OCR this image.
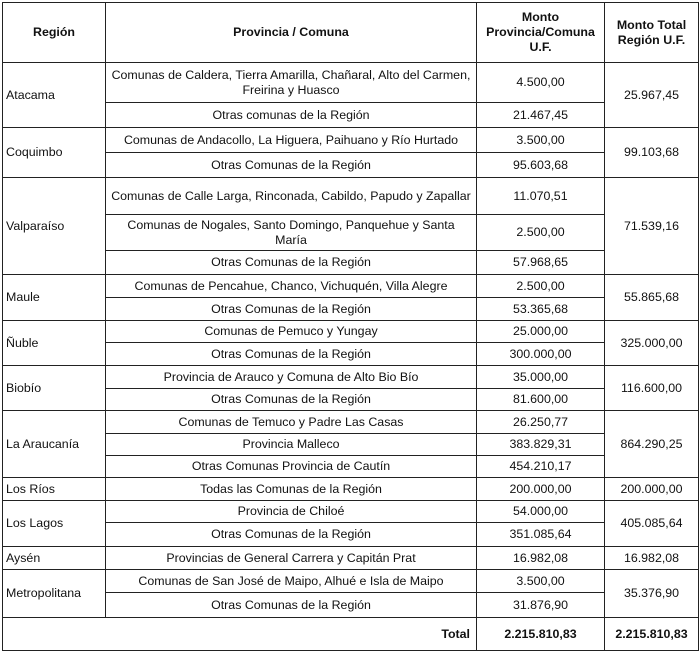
Región	Provincia / Comuna	Monto Provincia/Comuna U.F.	Monto Total Región U.F.
Atacama	Comunas de Caldera, Tierra Amarilla, Chañaral, Alto del Carmen, Freirina y Huasco	4.500,00	25.967,45
	Otras comunas de la Región	21.467,45	
Coquimbo	Comunas de Andacollo, La Higuera, Paihuano y Río Hurtado	3.500,00	99.103,68
	Otras Comunas de la Región	95.603,68	
Valparaíso	Comunas de Calle Larga, Rinconada, Cabildo, Papudo y Zapallar	11.070,51	71.539,16
	Comunas de Nogales, Santo Domingo, Panquehue y Santa María	2.500,00	
	Otras Comunas de la Región	57.968,65	
Maule	Comunas de Pencahue, Chanco, Vichuquén, Villa Alegre	2.500,00	55.865,68
	Otras Comunas de la Región	53.365,68	
Ñuble	Comunas de Pemuco y Yungay	25.000,00	325.000,00
	Otras Comunas de la Región	300.000,00	
Biobío	Provincia de Arauco y Comuna de Alto Bio Bío	35.000,00	116.600,00
	Otras Comunas de la Región	81.600,00	
La Araucanía	Comunas de Temuco y Padre Las Casas	26.250,77	864.290,25
	Provincia Malleco	383.829,31	
	Otras Comunas Provincia de Cautín	454.210,17	
Los Ríos	Todas las Comunas de la Región	200.000,00	200.000,00
Los Lagos	Provincia de Chiloé	54.000,00	405.085,64
	Otras Comunas de la Región	351.085,64	
Aysén	Provincias de General Carrera y Capitán Prat	16.982,08	16.982,08
Metropolitana	Comunas de San José de Maipo, Alhué e Isla de Maipo	3.500,00	35.376,90
	Otras Comunas de la Región	31.876,90	
	Total	2.215.810,83	2.215.810,83
